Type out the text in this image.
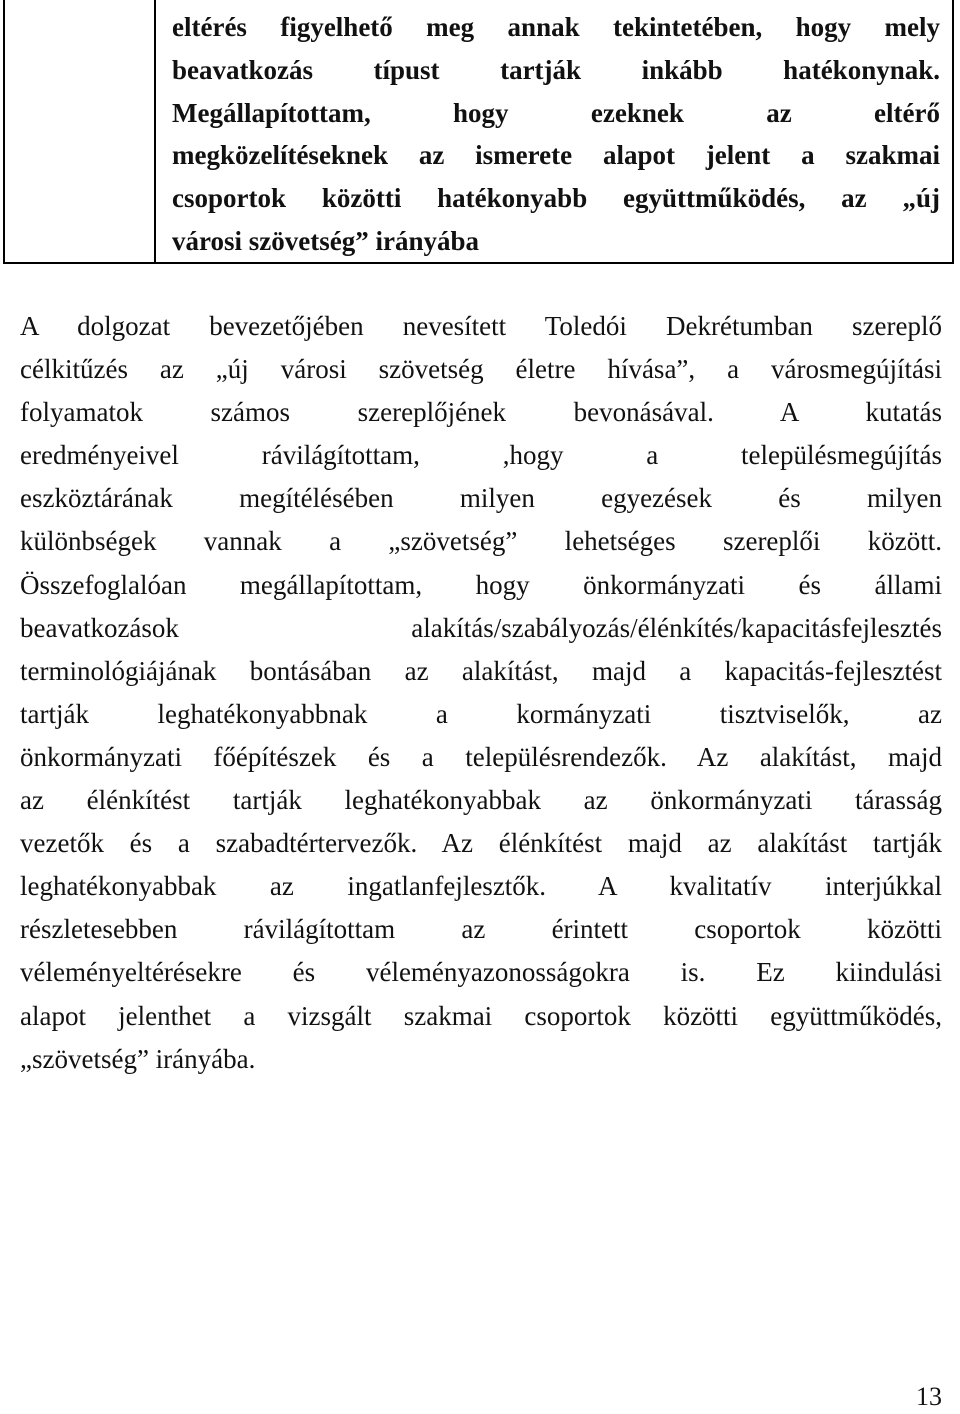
eltérés figyelhető meg annak tekintetében, hogy mely
beavatkozás típust tartják inkább hatékonynak.
Megállapítottam, hogy ezeknek az eltérő
megközelítéseknek az ismerete alapot jelent a szakmai
csoportok közötti hatékonyabb együttműködés, az „új
városi szövetség” irányába
A dolgozat bevezetőjében nevesített Toledói Dekrétumban szereplő
célkitűzés az „új városi szövetség életre hívása”, a városmegújítási
folyamatok számos szereplőjének bevonásával. A kutatás
eredményeivel rávilágítottam, ,hogy a településmegújítás
eszköztárának megítélésében milyen egyezések és milyen
különbségek vannak a „szövetség” lehetséges szereplői között.
Összefoglalóan megállapítottam, hogy önkormányzati és állami
beavatkozások alakítás/szabályozás/élénkítés/kapacitásfejlesztés
terminológiájának bontásában az alakítást, majd a kapacitás-fejlesztést
tartják leghatékonyabbnak a kormányzati tisztviselők, az
önkormányzati főépítészek és a településrendezők. Az alakítást, majd
az élénkítést tartják leghatékonyabbak az önkormányzati tárasság
vezetők és a szabadtértervezők. Az élénkítést majd az alakítást tartják
leghatékonyabbak az ingatlanfejlesztők. A kvalitatív interjúkkal
részletesebben rávilágítottam az érintett csoportok közötti
véleményeltérésekre és véleményazonosságokra is. Ez kiindulási
alapot jelenthet a vizsgált szakmai csoportok közötti együttműködés,
„szövetség” irányába.
13
